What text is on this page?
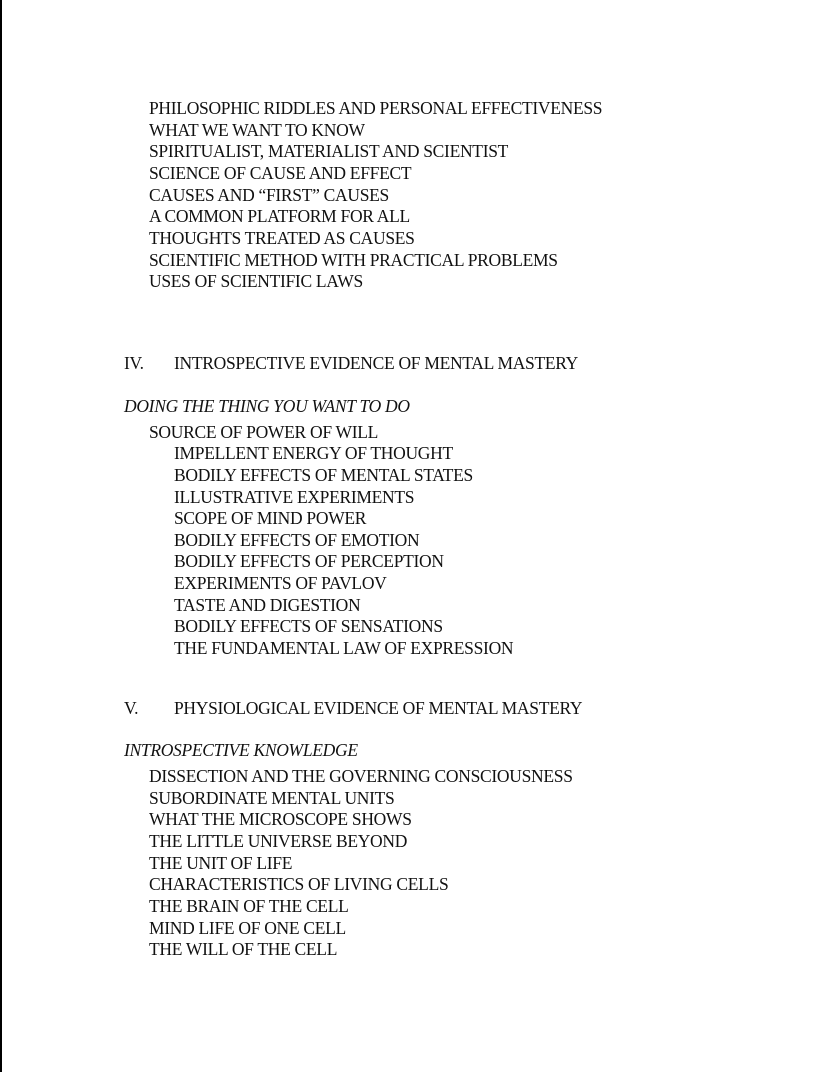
PHILOSOPHIC RIDDLES AND PERSONAL EFFECTIVENESS
WHAT WE WANT TO KNOW
SPIRITUALIST, MATERIALIST AND SCIENTIST
SCIENCE OF CAUSE AND EFFECT
CAUSES AND “FIRST” CAUSES
A COMMON PLATFORM FOR ALL
THOUGHTS TREATED AS CAUSES
SCIENTIFIC METHOD WITH PRACTICAL PROBLEMS
USES OF SCIENTIFIC LAWS
IV. INTROSPECTIVE EVIDENCE OF MENTAL MASTERY
DOING THE THING YOU WANT TO DO
SOURCE OF POWER OF WILL
IMPELLENT ENERGY OF THOUGHT
BODILY EFFECTS OF MENTAL STATES
ILLUSTRATIVE EXPERIMENTS
SCOPE OF MIND POWER
BODILY EFFECTS OF EMOTION
BODILY EFFECTS OF PERCEPTION
EXPERIMENTS OF PAVLOV
TASTE AND DIGESTION
BODILY EFFECTS OF SENSATIONS
THE FUNDAMENTAL LAW OF EXPRESSION
V. PHYSIOLOGICAL EVIDENCE OF MENTAL MASTERY
INTROSPECTIVE KNOWLEDGE
DISSECTION AND THE GOVERNING CONSCIOUSNESS
SUBORDINATE MENTAL UNITS
WHAT THE MICROSCOPE SHOWS
THE LITTLE UNIVERSE BEYOND
THE UNIT OF LIFE
CHARACTERISTICS OF LIVING CELLS
THE BRAIN OF THE CELL
MIND LIFE OF ONE CELL
THE WILL OF THE CELL
